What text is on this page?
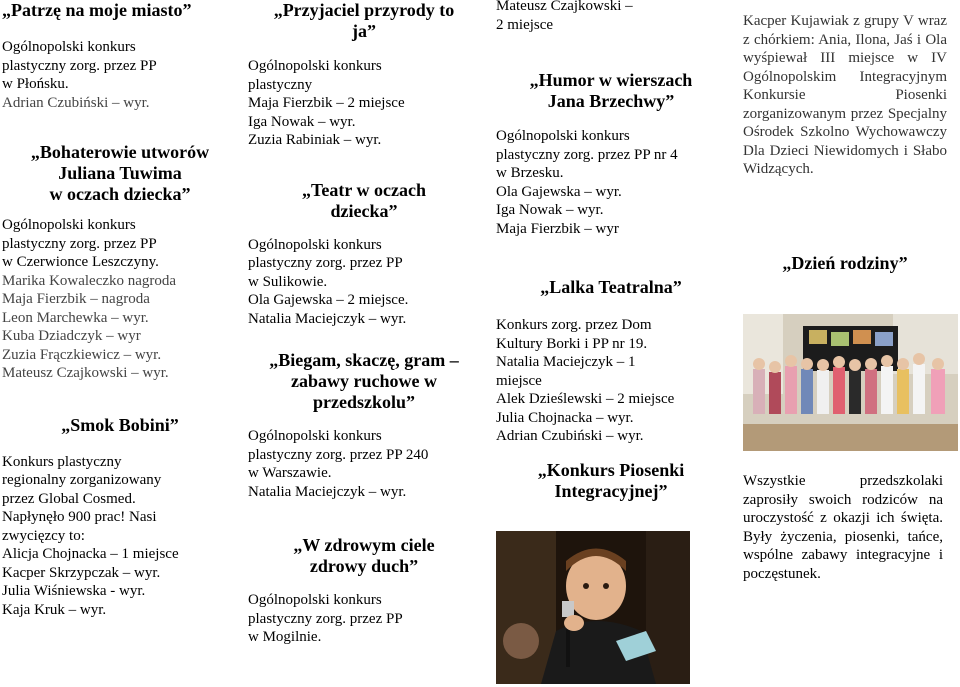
„Patrzę na moje miasto”

Ogólnopolski konkurs
plastyczny zorg. przez PP
w Płońsku.
Adrian Czubiński – wyr.
„Bohaterowie utworów
Juliana Tuwima
w oczach dziecka”
Ogólnopolski konkurs
plastyczny zorg. przez PP
w Czerwionce Leszczyny.
Marika Kowaleczko nagroda
Maja Fierzbik – nagroda
Leon Marchewka – wyr.
Kuba Dziadczyk – wyr
Zuzia Frączkiewicz – wyr.
Mateusz Czajkowski – wyr.

„Smok Bobini”

Konkurs plastyczny
regionalny zorganizowany
przez Global Cosmed.
Napłynęło 900 prac! Nasi
zwycięzcy to:
Alicja Chojnacka – 1 miejsce
Kacper Skrzypczak – wyr.
Julia Wiśniewska - wyr.
Kaja Kruk – wyr.
„Przyjaciel przyrody to
ja”
Ogólnopolski konkurs
plastyczny
Maja Fierzbik – 2 miejsce
Iga Nowak – wyr.
Zuzia Rabiniak – wyr.
„Teatr w oczach
dziecka”
Ogólnopolski konkurs
plastyczny zorg. przez PP
w Sulikowie.
Ola Gajewska – 2 miejsce.
Natalia Maciejczyk – wyr.
„Biegam, skaczę, gram –
zabawy ruchowe w
przedszkolu”
Ogólnopolski konkurs
plastyczny zorg. przez PP 240
w Warszawie.
Natalia Maciejczyk – wyr.
„W zdrowym ciele
zdrowy duch”
Ogólnopolski konkurs
plastyczny zorg. przez PP
w Mogilnie.
Mateusz Czajkowski –
2 miejsce
„Humor w wierszach
Jana Brzechwy”
Ogólnopolski konkurs
plastyczny zorg. przez PP nr 4
w Brzesku.
Ola Gajewska – wyr.
Iga Nowak – wyr.
Maja Fierzbik – wyr

„Lalka Teatralna”

Konkurs zorg. przez Dom
Kultury Borki i PP nr 19.
Natalia Maciejczyk – 1
miejsce
Alek Dzieślewski – 2 miejsce
Julia Chojnacka – wyr.
Adrian Czubiński – wyr.
„Konkurs Piosenki
Integracyjnej”

Kacper Kujawiak z grupy V wraz z chórkiem: Ania, Ilona, Jaś i Ola wyśpiewał III miejsce w IV Ogólnopolskim Integracyjnym Konkursie Piosenki zorganizowanym przez Specjalny Ośrodek Szkolno Wychowawczy Dla Dzieci Niewidomych i Słabo Widzących.

„Dzień rodziny”

Wszystkie przedszkolaki zaprosiły swoich rodziców na uroczystość z okazji ich święta. Były życzenia, piosenki, tańce, wspólne zabawy integracyjne i poczęstunek.
